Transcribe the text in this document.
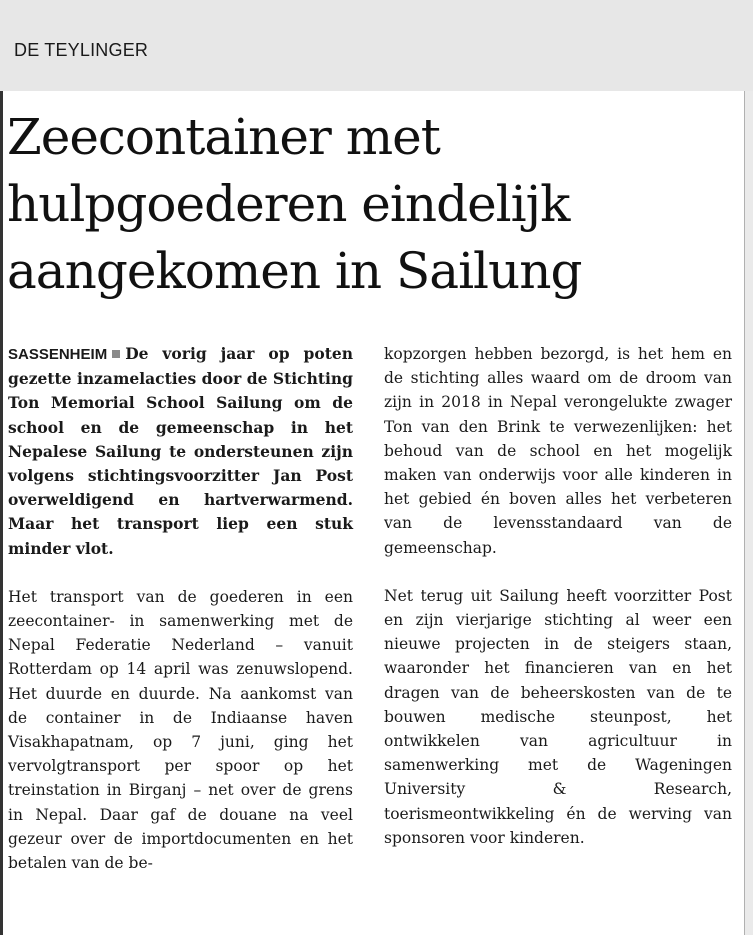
DE TEYLINGER
Zeecontainer met
hulpgoederen eindelijk
aangekomen in Sailung

SASSENHEIM De vorig jaar op poten gezette inzamelacties door de Stichting Ton Memorial School Sailung om de school en de gemeenschap in het Nepalese Sailung te ondersteunen zijn volgens stichtingsvoorzitter Jan Post overweldigend en hartverwarmend. Maar het transport liep een stuk minder vlot.

Het transport van de goederen in een zeecontainer- in samenwerking met de Nepal Federatie Nederland – vanuit Rotterdam op 14 april was zenuwslopend. Het duurde en duurde. Na aankomst van de container in de Indiaanse haven Visakhapatnam, op 7 juni, ging het vervolgtransport per spoor op het treinstation in Birganj – net over de grens in Nepal. Daar gaf de douane na veel gezeur over de importdocumenten en het betalen van de be-

kopzorgen hebben bezorgd, is het hem en de stichting alles waard om de droom van zijn in 2018 in Nepal verongelukte zwager Ton van den Brink te verwezenlijken: het behoud van de school en het mogelijk maken van onderwijs voor alle kinderen in het gebied én boven alles het verbeteren van de levensstandaard van de gemeenschap.

Net terug uit Sailung heeft voorzitter Post en zijn vierjarige stichting al weer een nieuwe projecten in de steigers staan, waaronder het financieren van en het dragen van de beheerskosten van de te bouwen medische steunpost, het ontwikkelen van agricultuur in samenwerking met de Wageningen University & Research, toerismeontwikkeling én de werving van sponsoren voor kinderen.
